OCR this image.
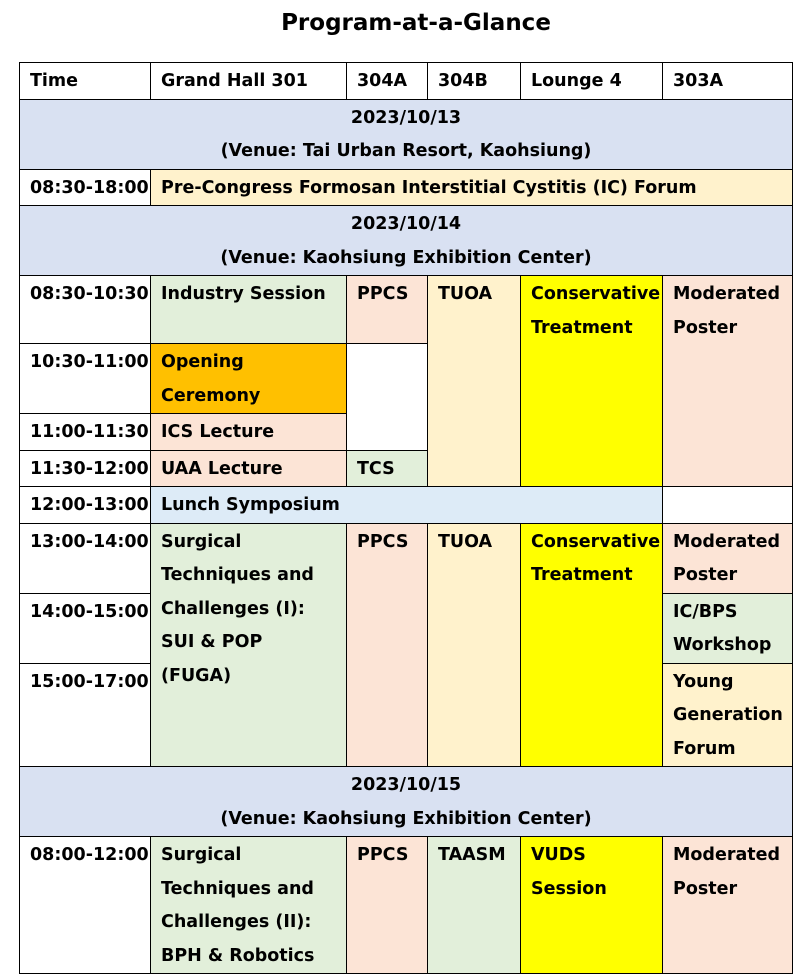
Program-at-a-Glance
Time	Grand Hall 301	304A	304B	Lounge 4	303A

2023/10/13
(Venue: Tai Urban Resort, Kaohsiung)					

08:30-18:00	Pre-Congress Formosan Interstitial Cystitis (IC) Forum				

2023/10/14
(Venue: Kaohsiung Exhibition Center)					

08:30-10:30	Industry Session	PPCS	TUOA	Conservative Treatment	Moderated Poster
10:30-11:00	Opening Ceremony				
11:00-11:30	ICS Lecture				
11:30-12:00	UAA Lecture	TCS			
12:00-13:00	Lunch Symposium				
13:00-14:00	Surgical Techniques and Challenges (I): SUI & POP (FUGA)	PPCS	TUOA	Conservative Treatment	Moderated Poster
14:00-15:00					IC/BPS Workshop
15:00-17:00					Young Generation Forum

2023/10/15
(Venue: Kaohsiung Exhibition Center)					

08:00-12:00	Surgical Techniques and Challenges (II): BPH & Robotics	PPCS	TAASM	VUDS Session	Moderated Poster
